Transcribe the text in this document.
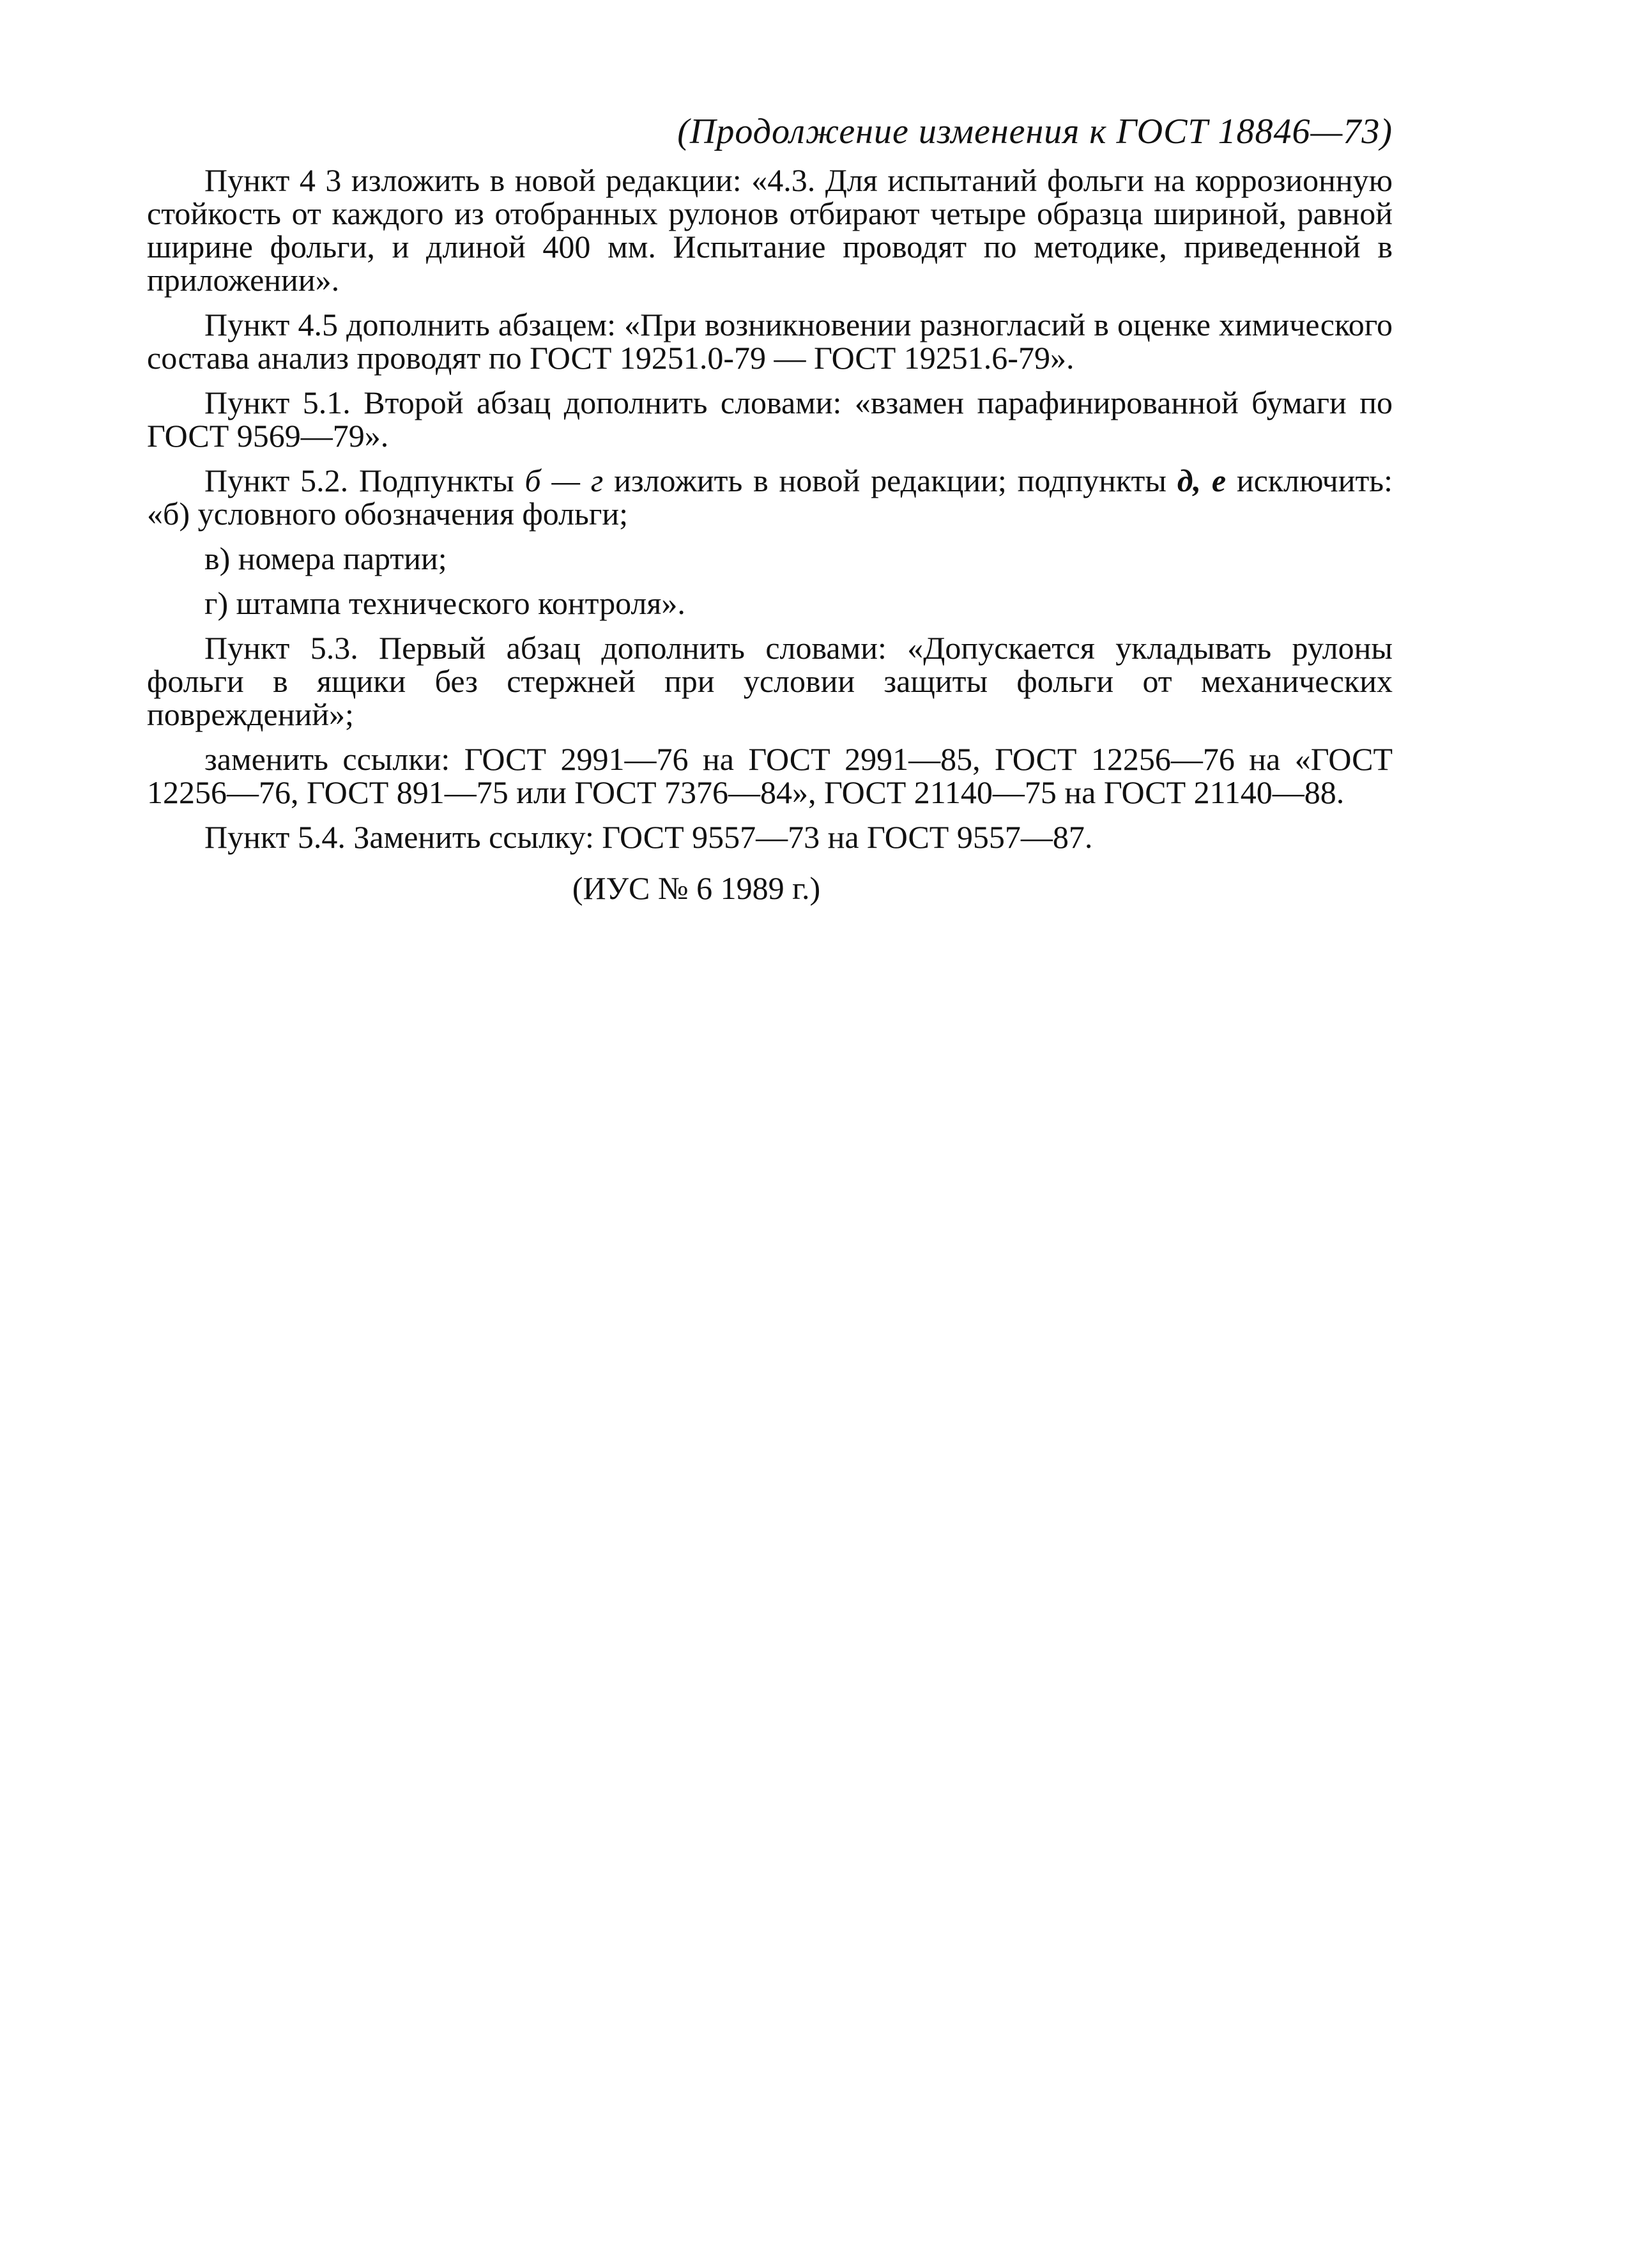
(Продолжение изменения к ГОСТ 18846—73)

Пункт 4 3 изложить в новой редакции: «4.3. Для испытаний фольги на коррозионную стойкость от каждого из отобранных рулонов отбирают четыре образца шириной, равной ширине фольги, и длиной 400 мм. Испытание проводят по методике, приведенной в приложении».

Пункт 4.5 дополнить абзацем: «При возникновении разногласий в оценке химического состава анализ проводят по ГОСТ 19251.0-79 — ГОСТ 19251.6-79».

Пункт 5.1. Второй абзац дополнить словами: «взамен парафинированной бумаги по ГОСТ 9569—79».

Пункт 5.2. Подпункты б — г изложить в новой редакции; подпункты д, е исключить: «б) условного обозначения фольги;

в) номера партии;
г) штампа технического контроля».

Пункт 5.3. Первый абзац дополнить словами: «Допускается укладывать рулоны фольги в ящики без стержней при условии защиты фольги от механических повреждений»;

заменить ссылки: ГОСТ 2991—76 на ГОСТ 2991—85, ГОСТ 12256—76 на «ГОСТ 12256—76, ГОСТ 891—75 или ГОСТ 7376—84», ГОСТ 21140—75 на ГОСТ 21140—88.

Пункт 5.4. Заменить ссылку: ГОСТ 9557—73 на ГОСТ 9557—87.

(ИУС № 6 1989 г.)
